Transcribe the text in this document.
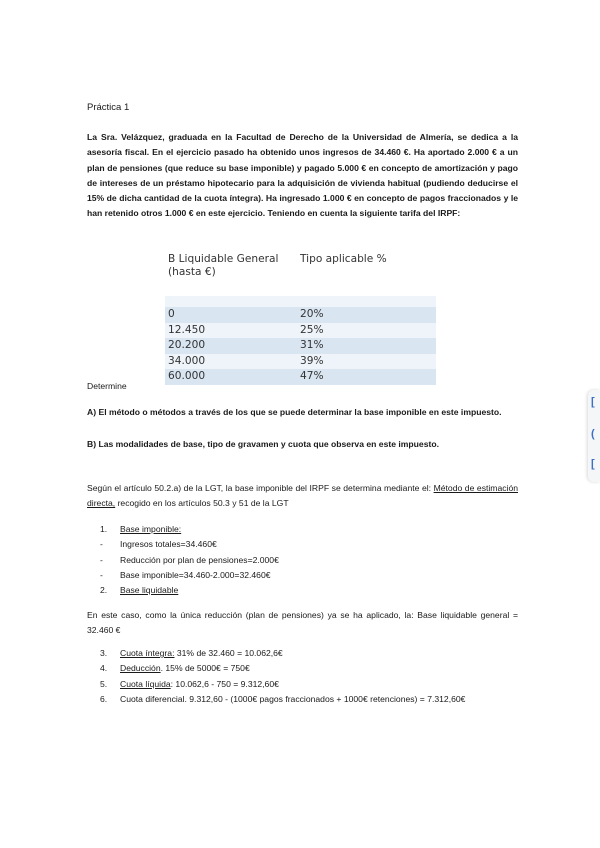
Práctica 1

La Sra. Velázquez, graduada en la Facultad de Derecho de la Universidad de Almería, se dedica a la asesoría fiscal. En el ejercicio pasado ha obtenido unos ingresos de 34.460 €. Ha aportado 2.000 € a un plan de pensiones (que reduce su base imponible) y pagado 5.000 € en concepto de amortización y pago de intereses de un préstamo hipotecario para la adquisición de vivienda habitual (pudiendo deducirse el 15% de dicha cantidad de la cuota íntegra). Ha ingresado 1.000 € en concepto de pagos fraccionados y le han retenido otros 1.000 € en este ejercicio. Teniendo en cuenta la siguiente tarifa del IRPF:

B Liquidable General (hasta €)	Tipo aplicable %

0	20%
12.450	25%
20.200	31%
34.000	39%
60.000	47%
Determine

A) El método o métodos a través de los que se puede determinar la base imponible en este impuesto.

B) Las modalidades de base, tipo de gravamen y cuota que observa en este impuesto.

Según el artículo 50.2.a) de la LGT, la base imponible del IRPF se determina mediante el: Método de estimación directa, recogido en los artículos 50.3 y 51 de la LGT

1. Base imponible:
- Ingresos totales=34.460€
- Reducción por plan de pensiones=2.000€
- Base imponible=34.460-2.000=32.460€
2. Base liquidable

En este caso, como la única reducción (plan de pensiones) ya se ha aplicado, la: Base liquidable general = 32.460 €

3. Cuota íntegra: 31% de 32.460 = 10.062,6€
4. Deducción. 15% de 5000€ = 750€
5. Cuota líquida: 10.062,6 - 750 = 9.312,60€
6. Cuota diferencial. 9.312,60 - (1000€ pagos fraccionados + 1000€ retenciones) = 7.312,60€
[
(
[
